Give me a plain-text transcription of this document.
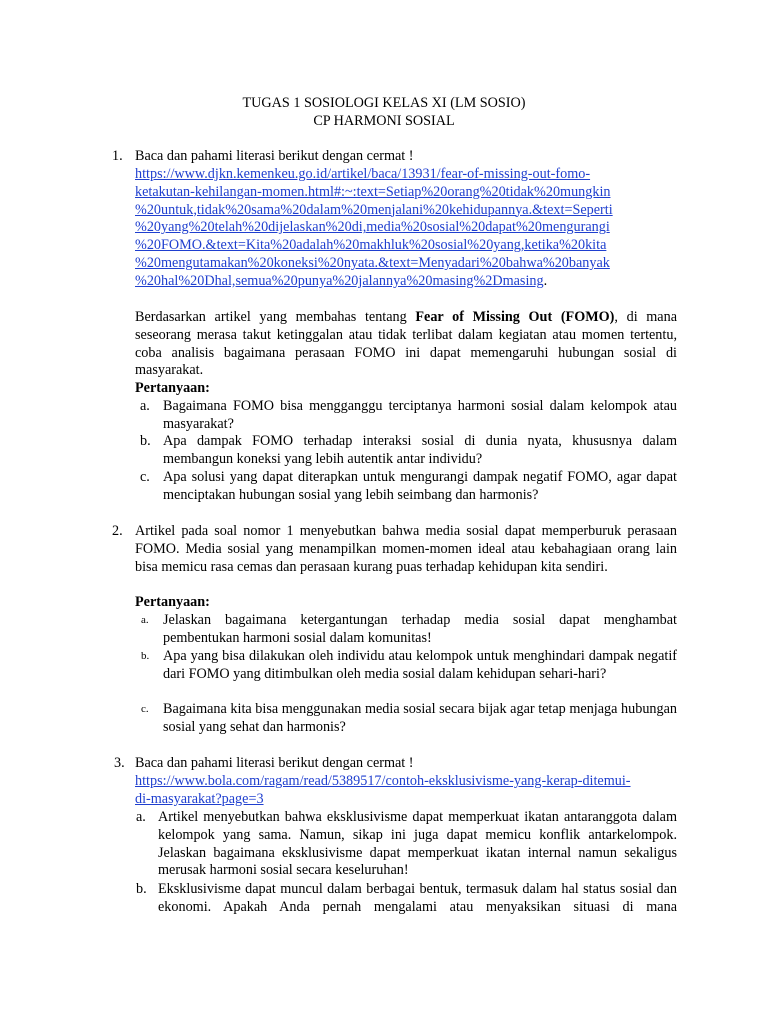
TUGAS 1 SOSIOLOGI KELAS XI (LM SOSIO)
CP HARMONI SOSIAL
1. Baca dan pahami literasi berikut dengan cermat !
https://www.djkn.kemenkeu.go.id/artikel/baca/13931/fear-of-missing-out-fomo-
ketakutan-kehilangan-momen.html#:~:text=Setiap%20orang%20tidak%20mungkin
%20untuk,tidak%20sama%20dalam%20menjalani%20kehidupannya.&text=Seperti
%20yang%20telah%20dijelaskan%20di,media%20sosial%20dapat%20mengurangi
%20FOMO.&text=Kita%20adalah%20makhluk%20sosial%20yang,ketika%20kita
%20mengutamakan%20koneksi%20nyata.&text=Menyadari%20bahwa%20banyak
%20hal%20Dhal,semua%20punya%20jalannya%20masing%2Dmasing.
Berdasarkan artikel yang membahas tentang Fear of Missing Out (FOMO), di mana seseorang merasa takut ketinggalan atau tidak terlibat dalam kegiatan atau momen tertentu, coba analisis bagaimana perasaan FOMO ini dapat memengaruhi hubungan sosial di masyarakat.
Pertanyaan:
a. Bagaimana FOMO bisa mengganggu terciptanya harmoni sosial dalam kelompok atau masyarakat?
b. Apa dampak FOMO terhadap interaksi sosial di dunia nyata, khususnya dalam membangun koneksi yang lebih autentik antar individu?
c. Apa solusi yang dapat diterapkan untuk mengurangi dampak negatif FOMO, agar dapat menciptakan hubungan sosial yang lebih seimbang dan harmonis?
2. Artikel pada soal nomor 1 menyebutkan bahwa media sosial dapat memperburuk perasaan FOMO. Media sosial yang menampilkan momen-momen ideal atau kebahagiaan orang lain bisa memicu rasa cemas dan perasaan kurang puas terhadap kehidupan kita sendiri.
Pertanyaan:
a. Jelaskan bagaimana ketergantungan terhadap media sosial dapat menghambat pembentukan harmoni sosial dalam komunitas!
b. Apa yang bisa dilakukan oleh individu atau kelompok untuk menghindari dampak negatif dari FOMO yang ditimbulkan oleh media sosial dalam kehidupan sehari-hari?
c. Bagaimana kita bisa menggunakan media sosial secara bijak agar tetap menjaga hubungan sosial yang sehat dan harmonis?
3. Baca dan pahami literasi berikut dengan cermat !
https://www.bola.com/ragam/read/5389517/contoh-eksklusivisme-yang-kerap-ditemui-
di-masyarakat?page=3
a. Artikel menyebutkan bahwa eksklusivisme dapat memperkuat ikatan antaranggota dalam kelompok yang sama. Namun, sikap ini juga dapat memicu konflik antarkelompok. Jelaskan bagaimana eksklusivisme dapat memperkuat ikatan internal namun sekaligus merusak harmoni sosial secara keseluruhan!
b. Eksklusivisme dapat muncul dalam berbagai bentuk, termasuk dalam hal status sosial dan ekonomi. Apakah Anda pernah mengalami atau menyaksikan situasi di mana
